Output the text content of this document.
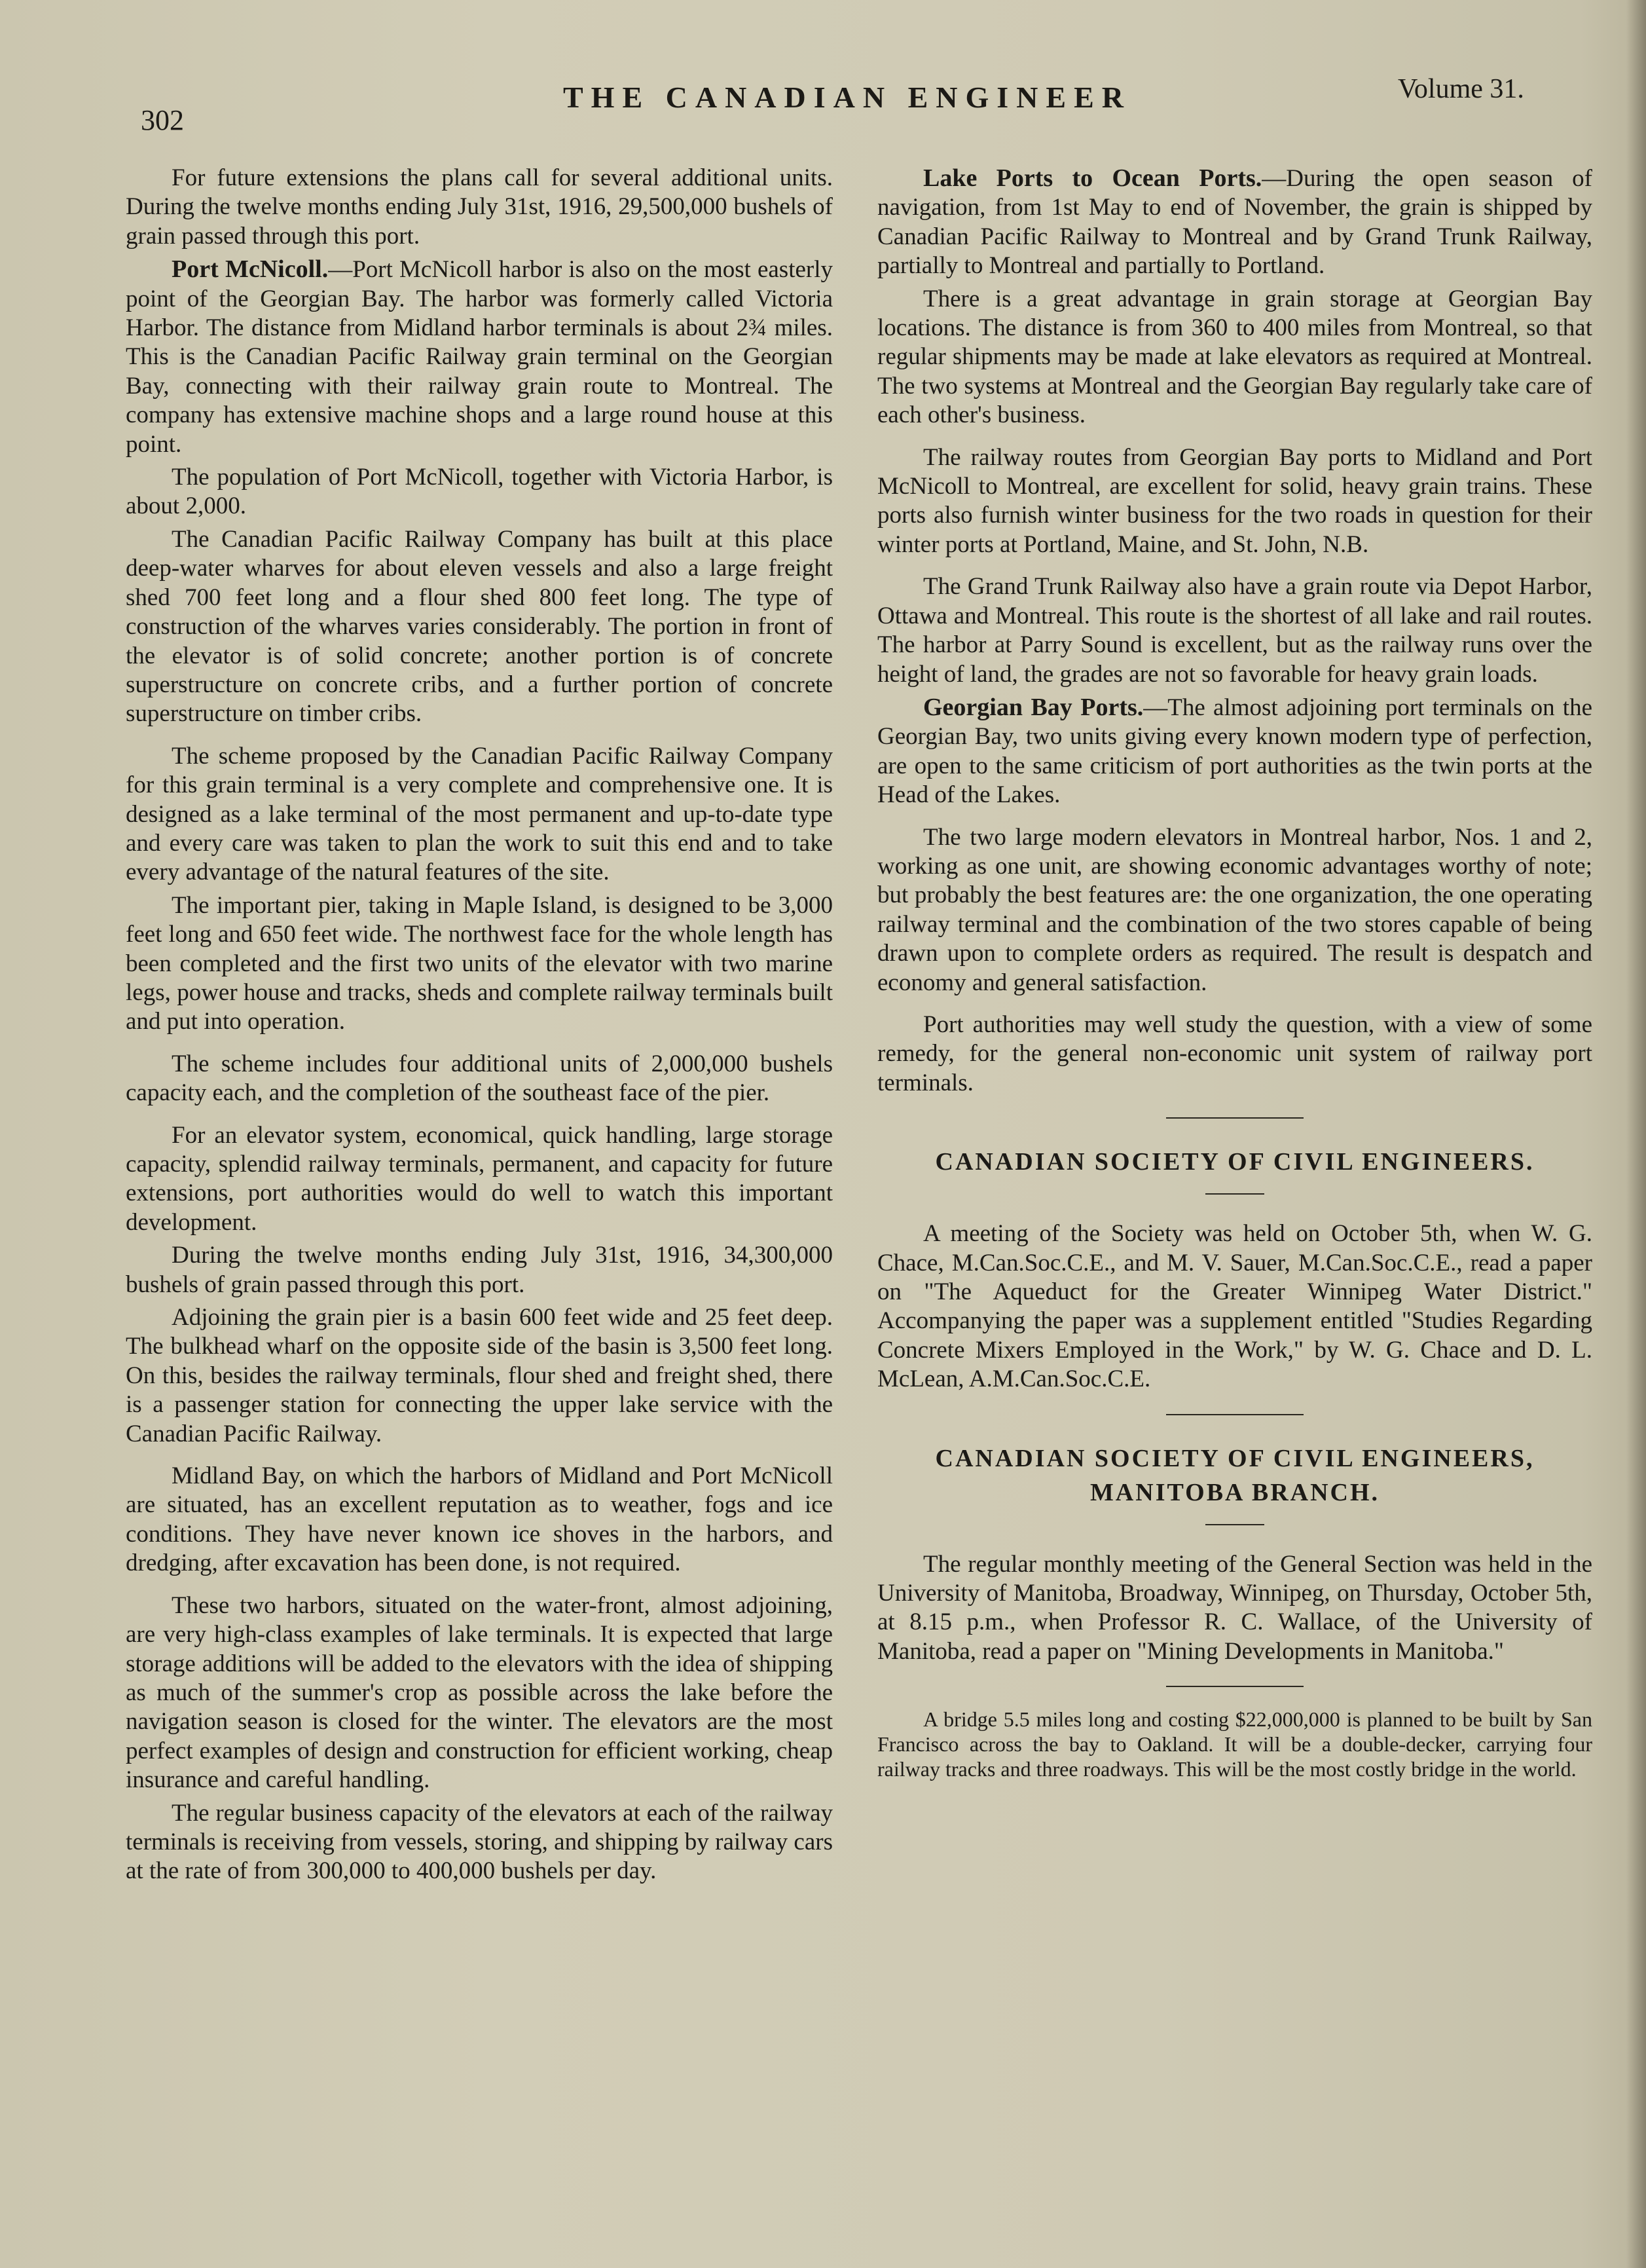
302
THE CANADIAN ENGINEER	Volume 31.

For future extensions the plans call for several additional units. During the twelve months ending July 31st, 1916, 29,500,000 bushels of grain passed through this port.

Port McNicoll.—Port McNicoll harbor is also on the most easterly point of the Georgian Bay. The harbor was formerly called Victoria Harbor. The distance from Midland harbor terminals is about 2¾ miles. This is the Canadian Pacific Railway grain terminal on the Georgian Bay, connecting with their railway grain route to Montreal. The company has extensive machine shops and a large round house at this point.

The population of Port McNicoll, together with Victoria Harbor, is about 2,000.

The Canadian Pacific Railway Company has built at this place deep-water wharves for about eleven vessels and also a large freight shed 700 feet long and a flour shed 800 feet long. The type of construction of the wharves varies considerably. The portion in front of the elevator is of solid concrete; another portion is of concrete superstructure on concrete cribs, and a further portion of concrete superstructure on timber cribs.

The scheme proposed by the Canadian Pacific Railway Company for this grain terminal is a very complete and comprehensive one. It is designed as a lake terminal of the most permanent and up-to-date type and every care was taken to plan the work to suit this end and to take every advantage of the natural features of the site.

The important pier, taking in Maple Island, is designed to be 3,000 feet long and 650 feet wide. The northwest face for the whole length has been completed and the first two units of the elevator with two marine legs, power house and tracks, sheds and complete railway terminals built and put into operation.

The scheme includes four additional units of 2,000,000 bushels capacity each, and the completion of the southeast face of the pier.

For an elevator system, economical, quick handling, large storage capacity, splendid railway terminals, permanent, and capacity for future extensions, port authorities would do well to watch this important development.

During the twelve months ending July 31st, 1916, 34,300,000 bushels of grain passed through this port.

Adjoining the grain pier is a basin 600 feet wide and 25 feet deep. The bulkhead wharf on the opposite side of the basin is 3,500 feet long. On this, besides the railway terminals, flour shed and freight shed, there is a passenger station for connecting the upper lake service with the Canadian Pacific Railway.

Midland Bay, on which the harbors of Midland and Port McNicoll are situated, has an excellent reputation as to weather, fogs and ice conditions. They have never known ice shoves in the harbors, and dredging, after excavation has been done, is not required.

These two harbors, situated on the water-front, almost adjoining, are very high-class examples of lake terminals. It is expected that large storage additions will be added to the elevators with the idea of shipping as much of the summer's crop as possible across the lake before the navigation season is closed for the winter. The elevators are the most perfect examples of design and construction for efficient working, cheap insurance and careful handling.

The regular business capacity of the elevators at each of the railway terminals is receiving from vessels, storing, and shipping by railway cars at the rate of from 300,000 to 400,000 bushels per day.

Lake Ports to Ocean Ports.—During the open season of navigation, from 1st May to end of November, the grain is shipped by Canadian Pacific Railway to Montreal and by Grand Trunk Railway, partially to Montreal and partially to Portland.

There is a great advantage in grain storage at Georgian Bay locations. The distance is from 360 to 400 miles from Montreal, so that regular shipments may be made at lake elevators as required at Montreal. The two systems at Montreal and the Georgian Bay regularly take care of each other's business.

The railway routes from Georgian Bay ports to Midland and Port McNicoll to Montreal, are excellent for solid, heavy grain trains. These ports also furnish winter business for the two roads in question for their winter ports at Portland, Maine, and St. John, N.B.

The Grand Trunk Railway also have a grain route via Depot Harbor, Ottawa and Montreal. This route is the shortest of all lake and rail routes. The harbor at Parry Sound is excellent, but as the railway runs over the height of land, the grades are not so favorable for heavy grain loads.

Georgian Bay Ports.—The almost adjoining port terminals on the Georgian Bay, two units giving every known modern type of perfection, are open to the same criticism of port authorities as the twin ports at the Head of the Lakes.

The two large modern elevators in Montreal harbor, Nos. 1 and 2, working as one unit, are showing economic advantages worthy of note; but probably the best features are: the one organization, the one operating railway terminal and the combination of the two stores capable of being drawn upon to complete orders as required. The result is despatch and economy and general satisfaction.

Port authorities may well study the question, with a view of some remedy, for the general non-economic unit system of railway port terminals.

CANADIAN SOCIETY OF CIVIL ENGINEERS.

A meeting of the Society was held on October 5th, when W. G. Chace, M.Can.Soc.C.E., and M. V. Sauer, M.Can.Soc.C.E., read a paper on "The Aqueduct for the Greater Winnipeg Water District." Accompanying the paper was a supplement entitled "Studies Regarding Concrete Mixers Employed in the Work," by W. G. Chace and D. L. McLean, A.M.Can.Soc.C.E.

CANADIAN SOCIETY OF CIVIL ENGINEERS, MANITOBA BRANCH.

The regular monthly meeting of the General Section was held in the University of Manitoba, Broadway, Winnipeg, on Thursday, October 5th, at 8.15 p.m., when Professor R. C. Wallace, of the University of Manitoba, read a paper on "Mining Developments in Manitoba."

A bridge 5.5 miles long and costing $22,000,000 is planned to be built by San Francisco across the bay to Oakland. It will be a double-decker, carrying four railway tracks and three roadways. This will be the most costly bridge in the world.
